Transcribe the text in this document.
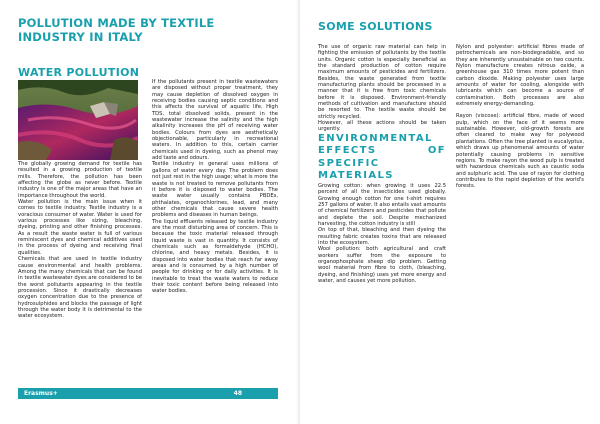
POLLUTION MADE BY TEXTILE INDUSTRY IN ITALY
WATER POLLUTION

The globally growing demand for textile has resulted in a growing production of textile mills. Therefore, the pollution has been affecting the globe as never before. Textile industry is one of the major areas that have an importance throughout the world.

Water pollution is the main issue when it comes to textile industry. Textile industry is a voracious consumer of water. Water is used for various processes like sizing, bleaching, dyeing, printing and other finishing processes. As a result the waste water is full of various reminiscent dyes and chemical additives used in the process of dyeing and receiving final qualities.

Chemicals that are used in textile industry cause environmental and health problems. Among the many chemicals that can be found in textile wastewater dyes are considered to be the worst pollutants appearing in the textile procession. Since it drastically decreases oxygen concentration due to the presence of hydrosulphides and blocks the passage of light through the water body it is detrimental to the water ecosystem.

If the pollutants present in textile wastewaters are disposed without proper treatment, they may cause depletion of dissolved oxygen in receiving bodies causing septic conditions and this affects the survival of aquatic life. High TDS, total dissolved solids, present in the wastewater increase the salinity and the high alkalinity increases the pH of receiving water bodies. Colours from dyes are aesthetically objectionable, particularly in recreational waters. In addition to this, certain carrier chemicals used in dyeing, such as phenol may add taste and odours.

Textile industry in general uses millions of gallons of water every day. The problem does not just rest in the high usage; what is more the waste is not treated to remove pollutants from it before it is disposed to water bodies. The waste water usually contains PBDEs, phthalates, organochlorines, lead, and many other chemicals that cause severe health problems and diseases in human beings.

The liquid effluents released by textile industry are the most disturbing area of concern. This is because the toxic material released through liquid waste is vast in quantity. It consists of chemicals such as formaldehyde (HCHO), chlorine, and heavy metals. Besides, it is disposed into water bodies that reach far away areas and is consumed by a high number of people for drinking or for daily activities. It is inevitable to treat the waste waters to reduce their toxic content before being released into water bodies.

Erasmus+	48
SOME SOLUTIONS

The use of organic raw material can help in fighting the emission of pollutants by the textile units. Organic cotton is especially beneficial as the standard production of cotton require maximum amounts of pesticides and fertilizers. Besides, the waste generated from textile manufacturing plants should be processed in a manner that it is free from toxic chemicals before it is disposed. Environment-friendly methods of cultivation and manufacture should be resorted to. The textile waste should be strictly recycled.

However, all these actions should be taken urgently.

ENVIRONMENTAL EFFECTS OF SPECIFIC MATERIALS

Growing cotton: when growing it uses 22.5 percent of all the insecticides used globally. Growing enough cotton for one t-shirt requires 257 gallons of water. It also entails vast amounts of chemical fertilizers and pesticides that pollute and deplete the soil. Despite mechanized harvesting, the cotton industry is still

On top of that, bleaching and then dyeing the resulting fabric creates toxins that are released into the ecosystem.

Wool pollution: both agricultural and craft workers suffer from the exposure to organophosphate sheep dip problem. Getting wool material from fibre to cloth, (bleaching, dyeing, and finishing) uses yet more energy and water, and causes yet more pollution.

Nylon and polyester: artificial fibres made of petrochemicals are non-biodegradable, and so they are inherently unsustainable on two counts. Nylon manufacture creates nitrous oxide, a greenhouse gas 310 times more potent than carbon dioxide. Making polyester uses large amounts of water for cooling, alongside with lubricants which can become a source of contamination. Both processes are also extremely energy-demanding.

Rayon (viscose): artificial fibre, made of wood pulp, which on the face of it seems more sustainable. However, old-growth forests are often cleared to make way for polywood plantations. Often the tree planted is eucalyptus, which draws up phenomenal amounts of water potentially causing problems in sensitive regions. To make rayon the wood pulp is treated with hazardous chemicals such as caustic soda and sulphuric acid. The use of rayon for clothing contributes to the rapid depletion of the world's forests.
